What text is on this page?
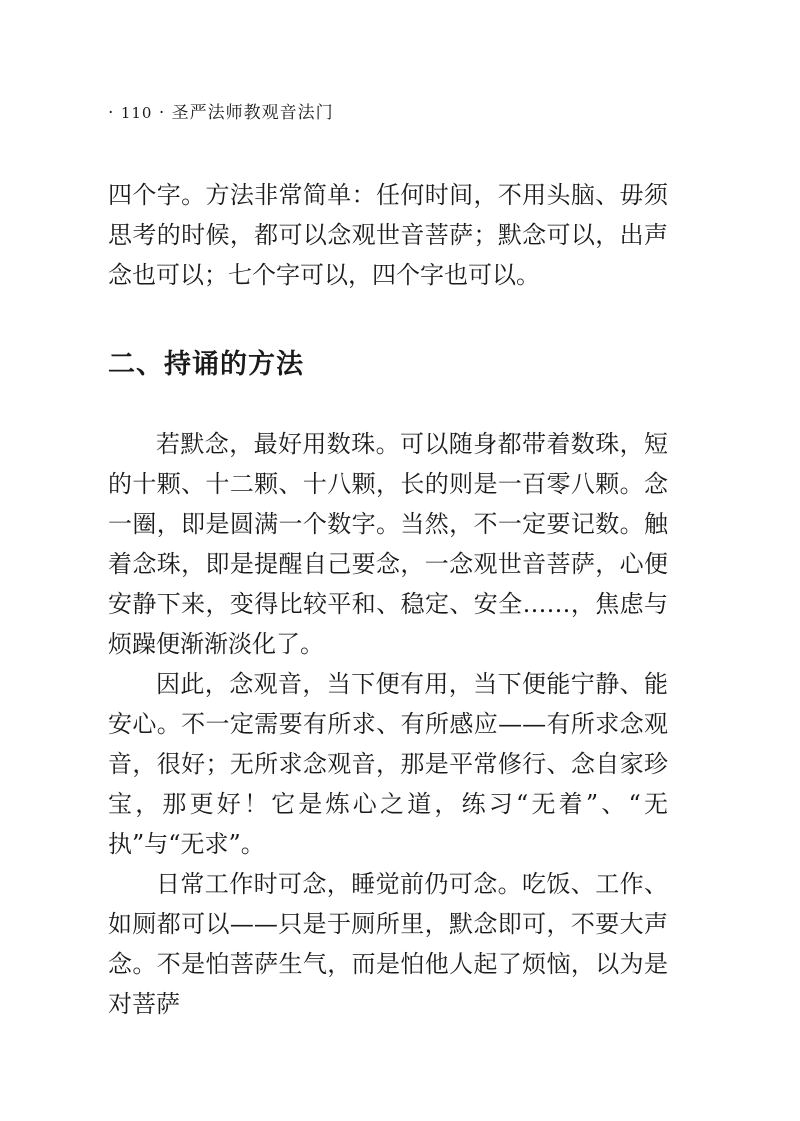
· 110 · 圣严法师教观音法门

四个字。方法非常简单：任何时间，不用头脑、毋须思考的时候，都可以念观世音菩萨；默念可以，出声念也可以；七个字可以，四个字也可以。

二、持诵的方法

若默念，最好用数珠。可以随身都带着数珠，短的十颗、十二颗、十八颗，长的则是一百零八颗。念一圈，即是圆满一个数字。当然，不一定要记数。触着念珠，即是提醒自己要念，一念观世音菩萨，心便安静下来，变得比较平和、稳定、安全……，焦虑与烦躁便渐渐淡化了。

因此，念观音，当下便有用，当下便能宁静、能安心。不一定需要有所求、有所感应——有所求念观音，很好；无所求念观音，那是平常修行、念自家珍宝，那更好！它是炼心之道，练习“无着”、“无执”与“无求”。

日常工作时可念，睡觉前仍可念。吃饭、工作、如厕都可以——只是于厕所里，默念即可，不要大声念。不是怕菩萨生气，而是怕他人起了烦恼，以为是对菩萨
